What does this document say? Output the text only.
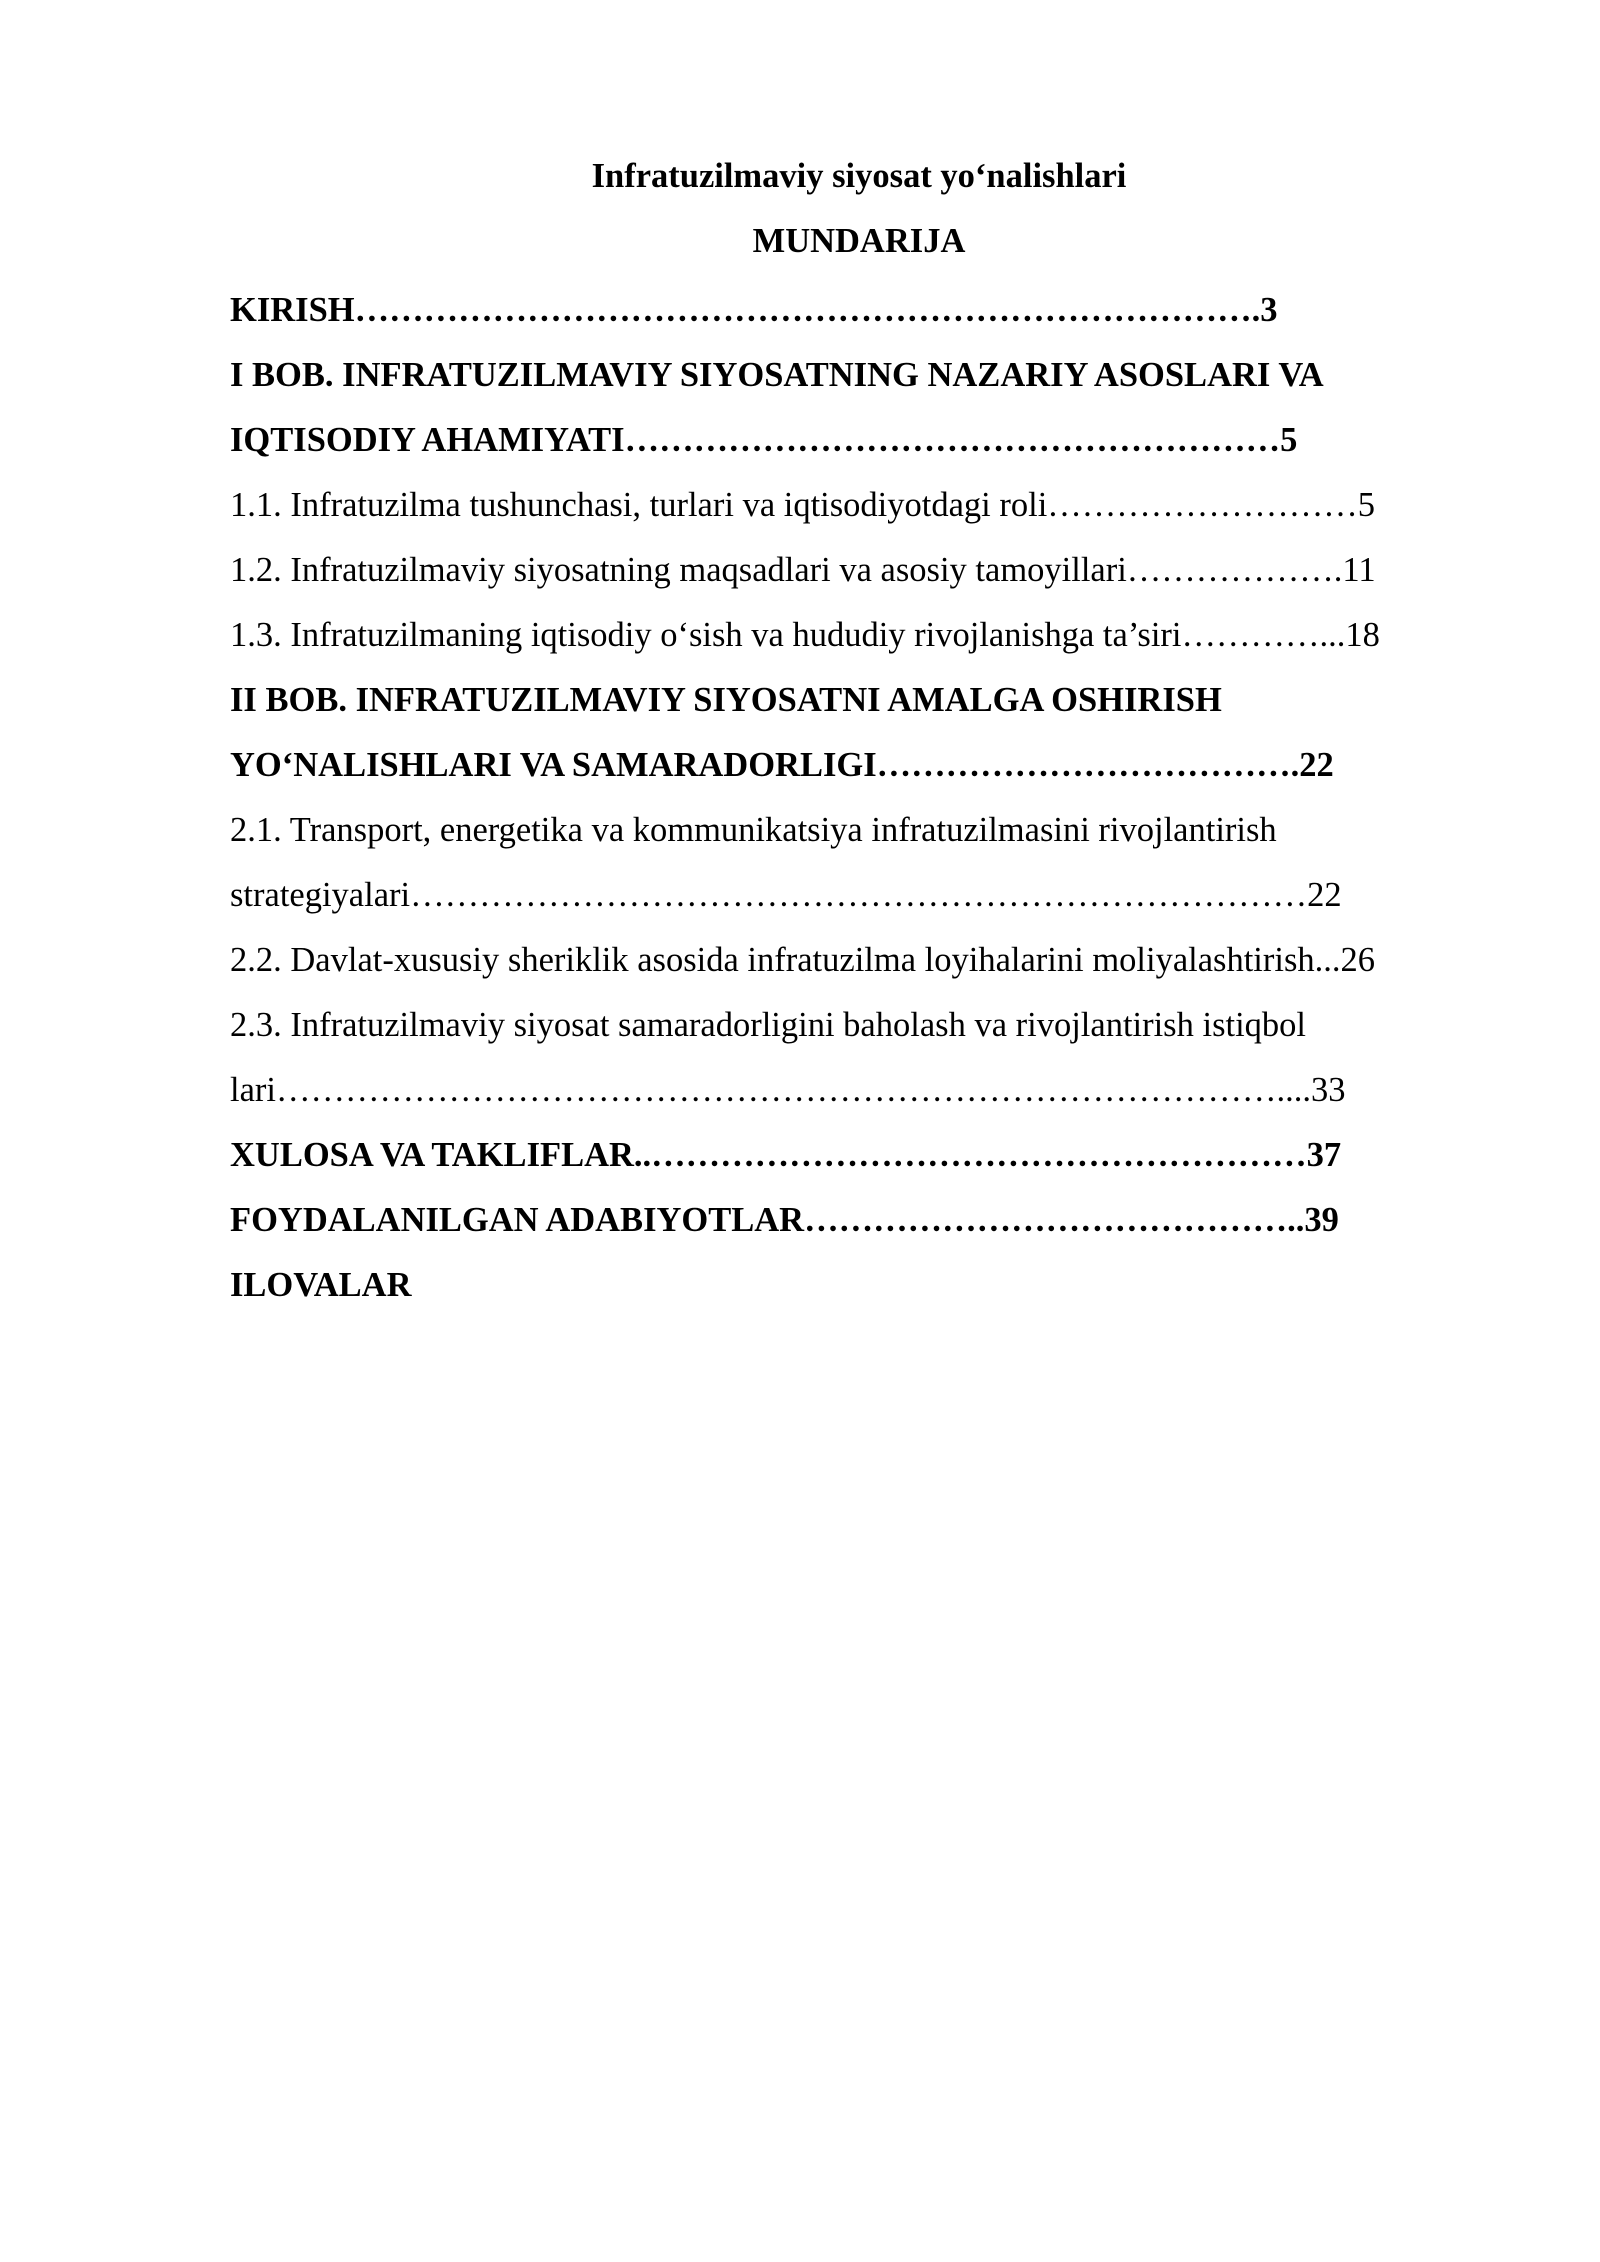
Infratuzilmaviy siyosat yo‘nalishlari
MUNDARIJA
KIRISH…………………………………………………………………….3
I BOB. INFRATUZILMAVIY SIYOSATNING NAZARIY ASOSLARI VA
IQTISODIY AHAMIYATI…………………………………………………5
1.1. Infratuzilma tushunchasi, turlari va iqtisodiyotdagi roli………………………5
1.2. Infratuzilmaviy siyosatning maqsadlari va asosiy tamoyillari……………….11
1.3. Infratuzilmaning iqtisodiy o‘sish va hududiy rivojlanishga ta’siri…………...18
II BOB. INFRATUZILMAVIY SIYOSATNI AMALGA OSHIRISH
YO‘NALISHLARI VA SAMARADORLIGI……………………………….22
2.1. Transport, energetika va kommunikatsiya infratuzilmasini rivojlantirish
strategiyalari……………………………………………………………………22
2.2. Davlat-xususiy sheriklik asosida infratuzilma loyihalarini moliyalashtirish...26
2.3. Infratuzilmaviy siyosat samaradorligini baholash va rivojlantirish istiqbol
lari……………………………………………………………………………....33
XULOSA VA TAKLIFLAR..…………………………………………………37
FOYDALANILGAN ADABIYOTLAR……………………………………..39
ILOVALAR
